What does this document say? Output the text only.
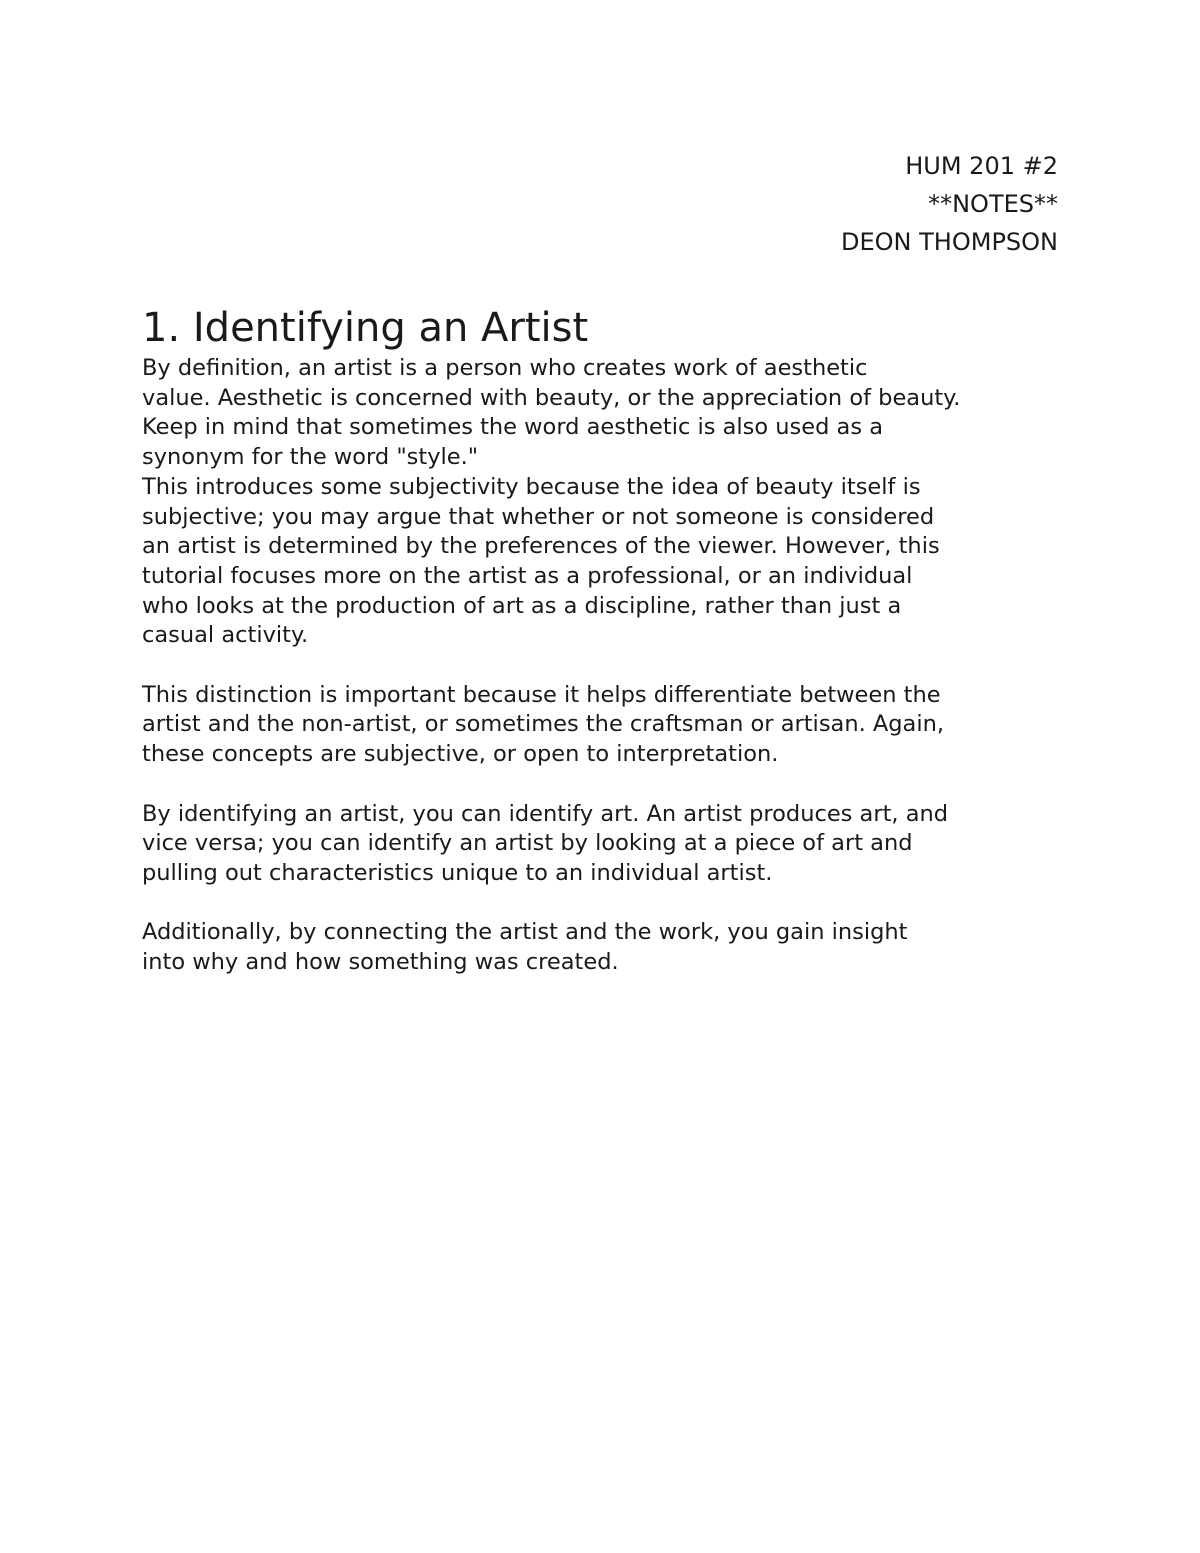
HUM 201 #2
**NOTES**
DEON THOMPSON
1. Identifying an Artist
By definition, an artist is a person who creates work of aesthetic
value. Aesthetic is concerned with beauty, or the appreciation of beauty.
Keep in mind that sometimes the word aesthetic is also used as a
synonym for the word "style."
This introduces some subjectivity because the idea of beauty itself is
subjective; you may argue that whether or not someone is considered
an artist is determined by the preferences of the viewer. However, this
tutorial focuses more on the artist as a professional, or an individual
who looks at the production of art as a discipline, rather than just a
casual activity.
This distinction is important because it helps differentiate between the
artist and the non-artist, or sometimes the craftsman or artisan. Again,
these concepts are subjective, or open to interpretation.
By identifying an artist, you can identify art. An artist produces art, and
vice versa; you can identify an artist by looking at a piece of art and
pulling out characteristics unique to an individual artist.
Additionally, by connecting the artist and the work, you gain insight
into why and how something was created.
